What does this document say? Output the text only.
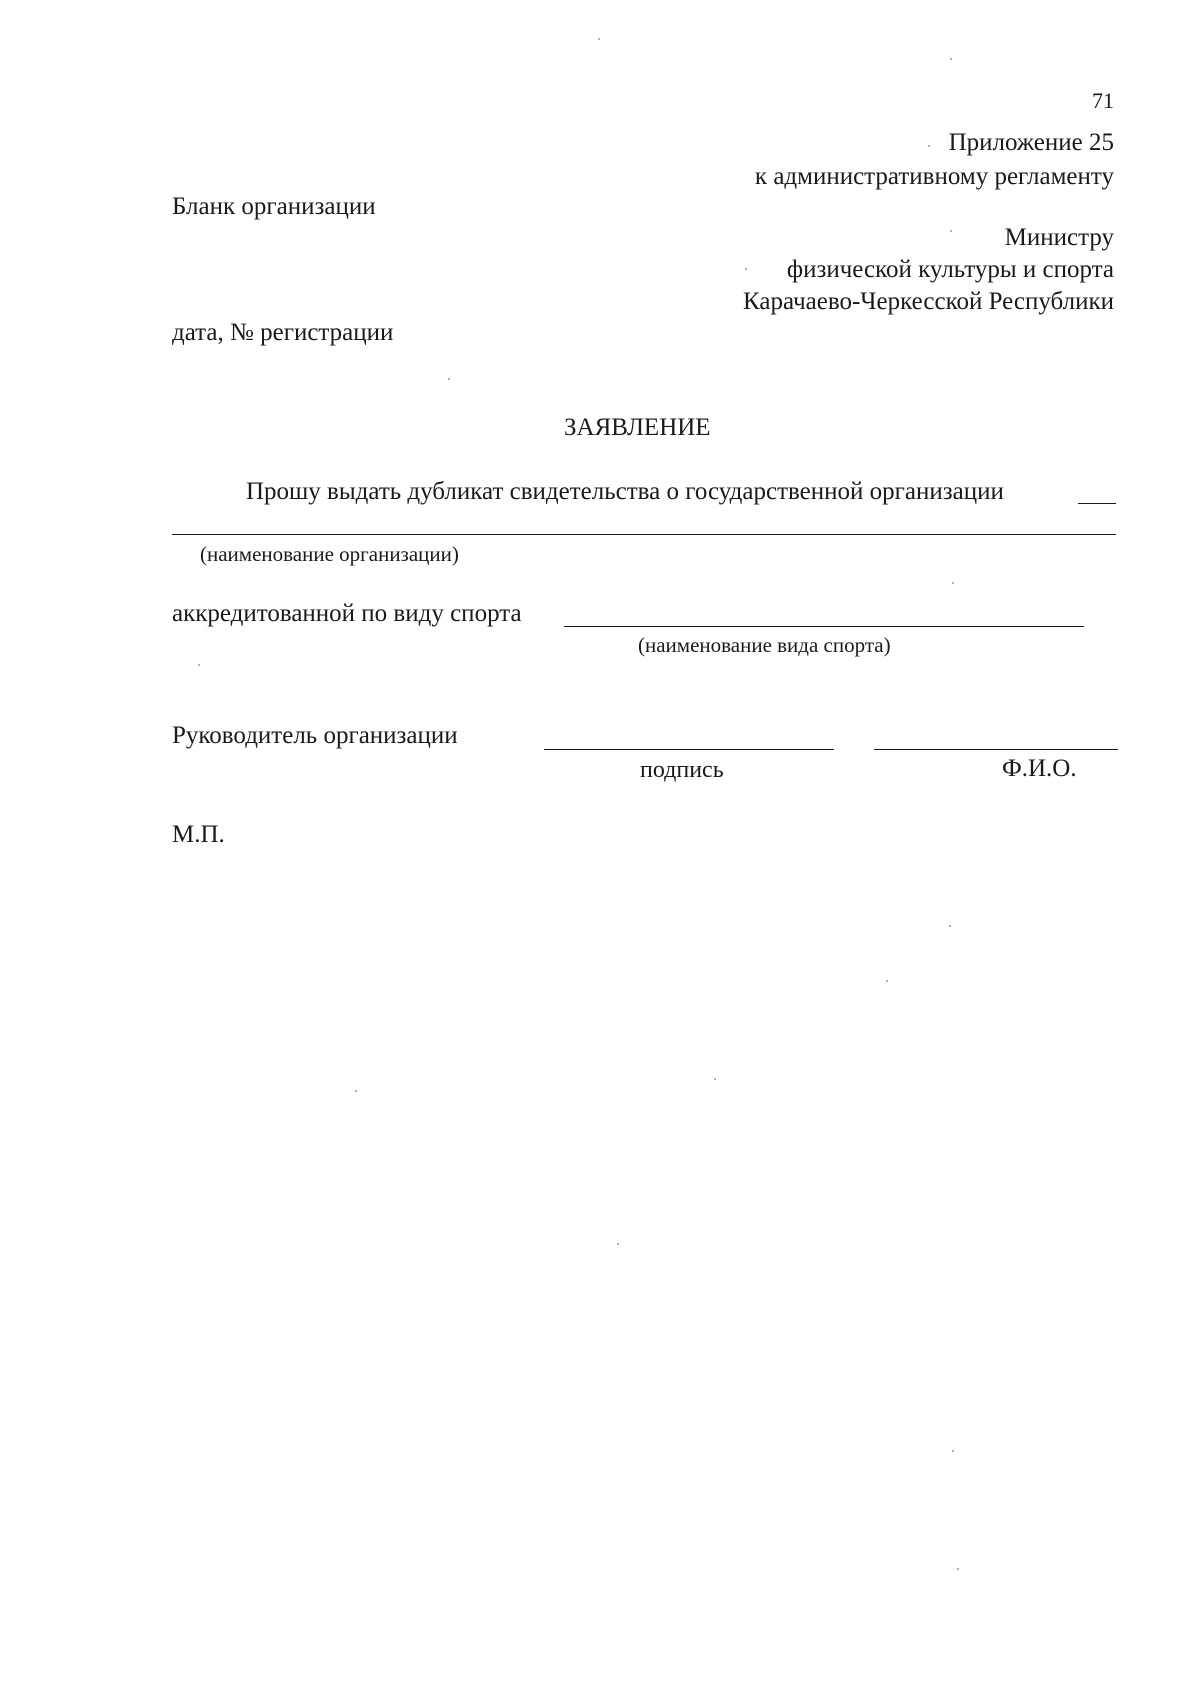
71
Приложение 25
к административному регламенту
Бланк организации
Министру
физической культуры и спорта
Карачаево-Черкесской Республики
дата, № регистрации
ЗАЯВЛЕНИЕ
Прошу выдать дубликат свидетельства о государственной организации
(наименование организации)
аккредитованной по виду спорта
(наименование вида спорта)
Руководитель организации
подпись	Ф.И.О.
М.П.
